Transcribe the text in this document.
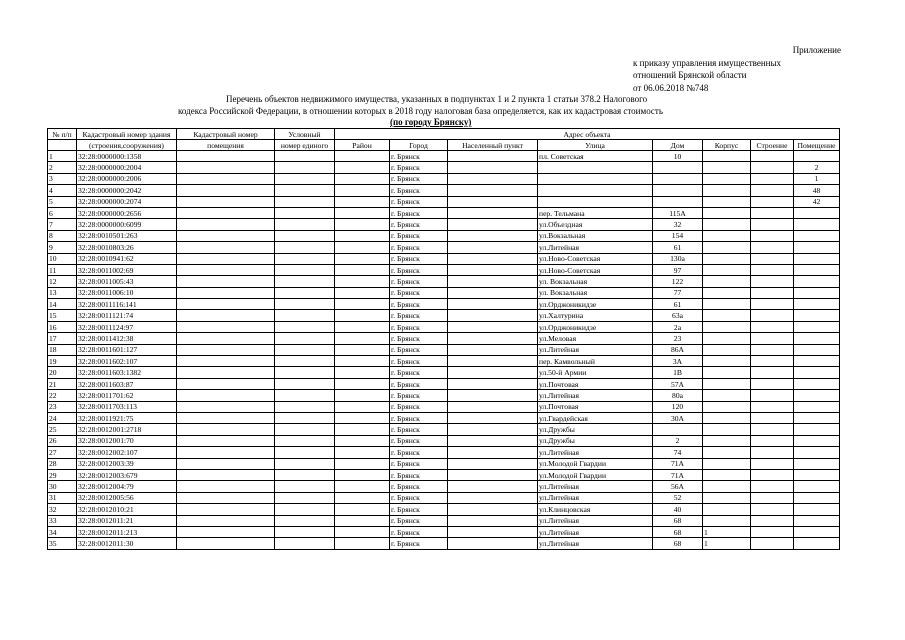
Приложение
к приказу управления имущественных
отношений Брянской области
от 06.06.2018 №748
Перечень объектов недвижимого имущества, указанных в подпунктах 1 и 2 пункта 1 статьи 378.2 Налогового
кодекса Российской Федерации, в отношении которых в 2018 году налоговая база определяется, как их кадастровая стоимость
(по городу Брянску)
№ п/п	Кадастровый номер здания	Кадастровый номер	Условный	Адрес объекта							
	(строения,сооружения)	помещения	номер единого	Район	Город	Населенный пункт	Улица	Дом	Корпус	Строение	Помещение
1	32:28:0000000:1358				г. Брянск		пл. Советская	10			
2	32:28:0000000:2004				г. Брянск						2
3	32:28:0000000:2006				г. Брянск						1
4	32:28:0000000:2042				г. Брянск						48
5	32:28:0000000:2074				г. Брянск						42
6	32:28:0000000:2656				г. Брянск		пер. Тельмана	115А			
7	32:28:0000000:6099				г. Брянск		ул.Объездная	32			
8	32:28:0010501:263				г. Брянск		ул.Вокзальная	154			
9	32:28:0010803:26				г. Брянск		ул.Литейная	61			
10	32:28:0010941:62				г. Брянск		ул.Ново-Советская	130а			
11	32:28:0011002:69				г. Брянск		ул.Ново-Советская	97			
12	32:28:0011005:43				г. Брянск		ул. Вокзальная	122			
13	32:28:0011006:10				г. Брянск		ул. Вокзальная	77			
14	32:28:0011116:141				г. Брянск		ул.Орджоникидзе	61			
15	32:28:0011121:74				г. Брянск		ул.Халтурина	63а			
16	32:28:0011124:97				г. Брянск		ул.Орджоникидзе	2а			
17	32:28:0011412:38				г. Брянск		ул.Меловая	23			
18	32:28:0011601:127				г. Брянск		ул.Литейная	86А			
19	32:28:0011602:107				г. Брянск		пер. Камвольный	3А			
20	32:28:0011603:1382				г. Брянск		ул.50-й Армии	1В			
21	32:28:0011603:87				г. Брянск		ул.Почтовая	57А			
22	32:28:0011701:62				г. Брянск		ул.Литейная	80а			
23	32:28:0011703:113				г. Брянск		ул.Почтовая	120			
24	32:28:0011921:75				г. Брянск		ул.Гвардейская	30А			
25	32:28:0012001:2718				г. Брянск		ул.Дружбы				
26	32:28:0012001:70				г. Брянск		ул.Дружбы	2			
27	32:28:0012002:107				г. Брянск		ул.Литейная	74			
28	32:28:0012003:39				г. Брянск		ул.Молодой Гвардии	71А			
29	32:28:0012003:679				г. Брянск		ул.Молодой Гвардии	71А			
30	32:28:0012004:79				г. Брянск		ул.Литейная	56А			
31	32:28:0012005:56				г. Брянск		ул.Литейная	52			
32	32:28:0012010:21				г. Брянск		ул.Клинцовская	40			
33	32:28:0012011:21				г. Брянск		ул.Литейная	68			
34	32:28:0012011:213				г. Брянск		ул.Литейная	68	1		
35	32:28:0012011:30				г. Брянск		ул.Литейная	68	1		
